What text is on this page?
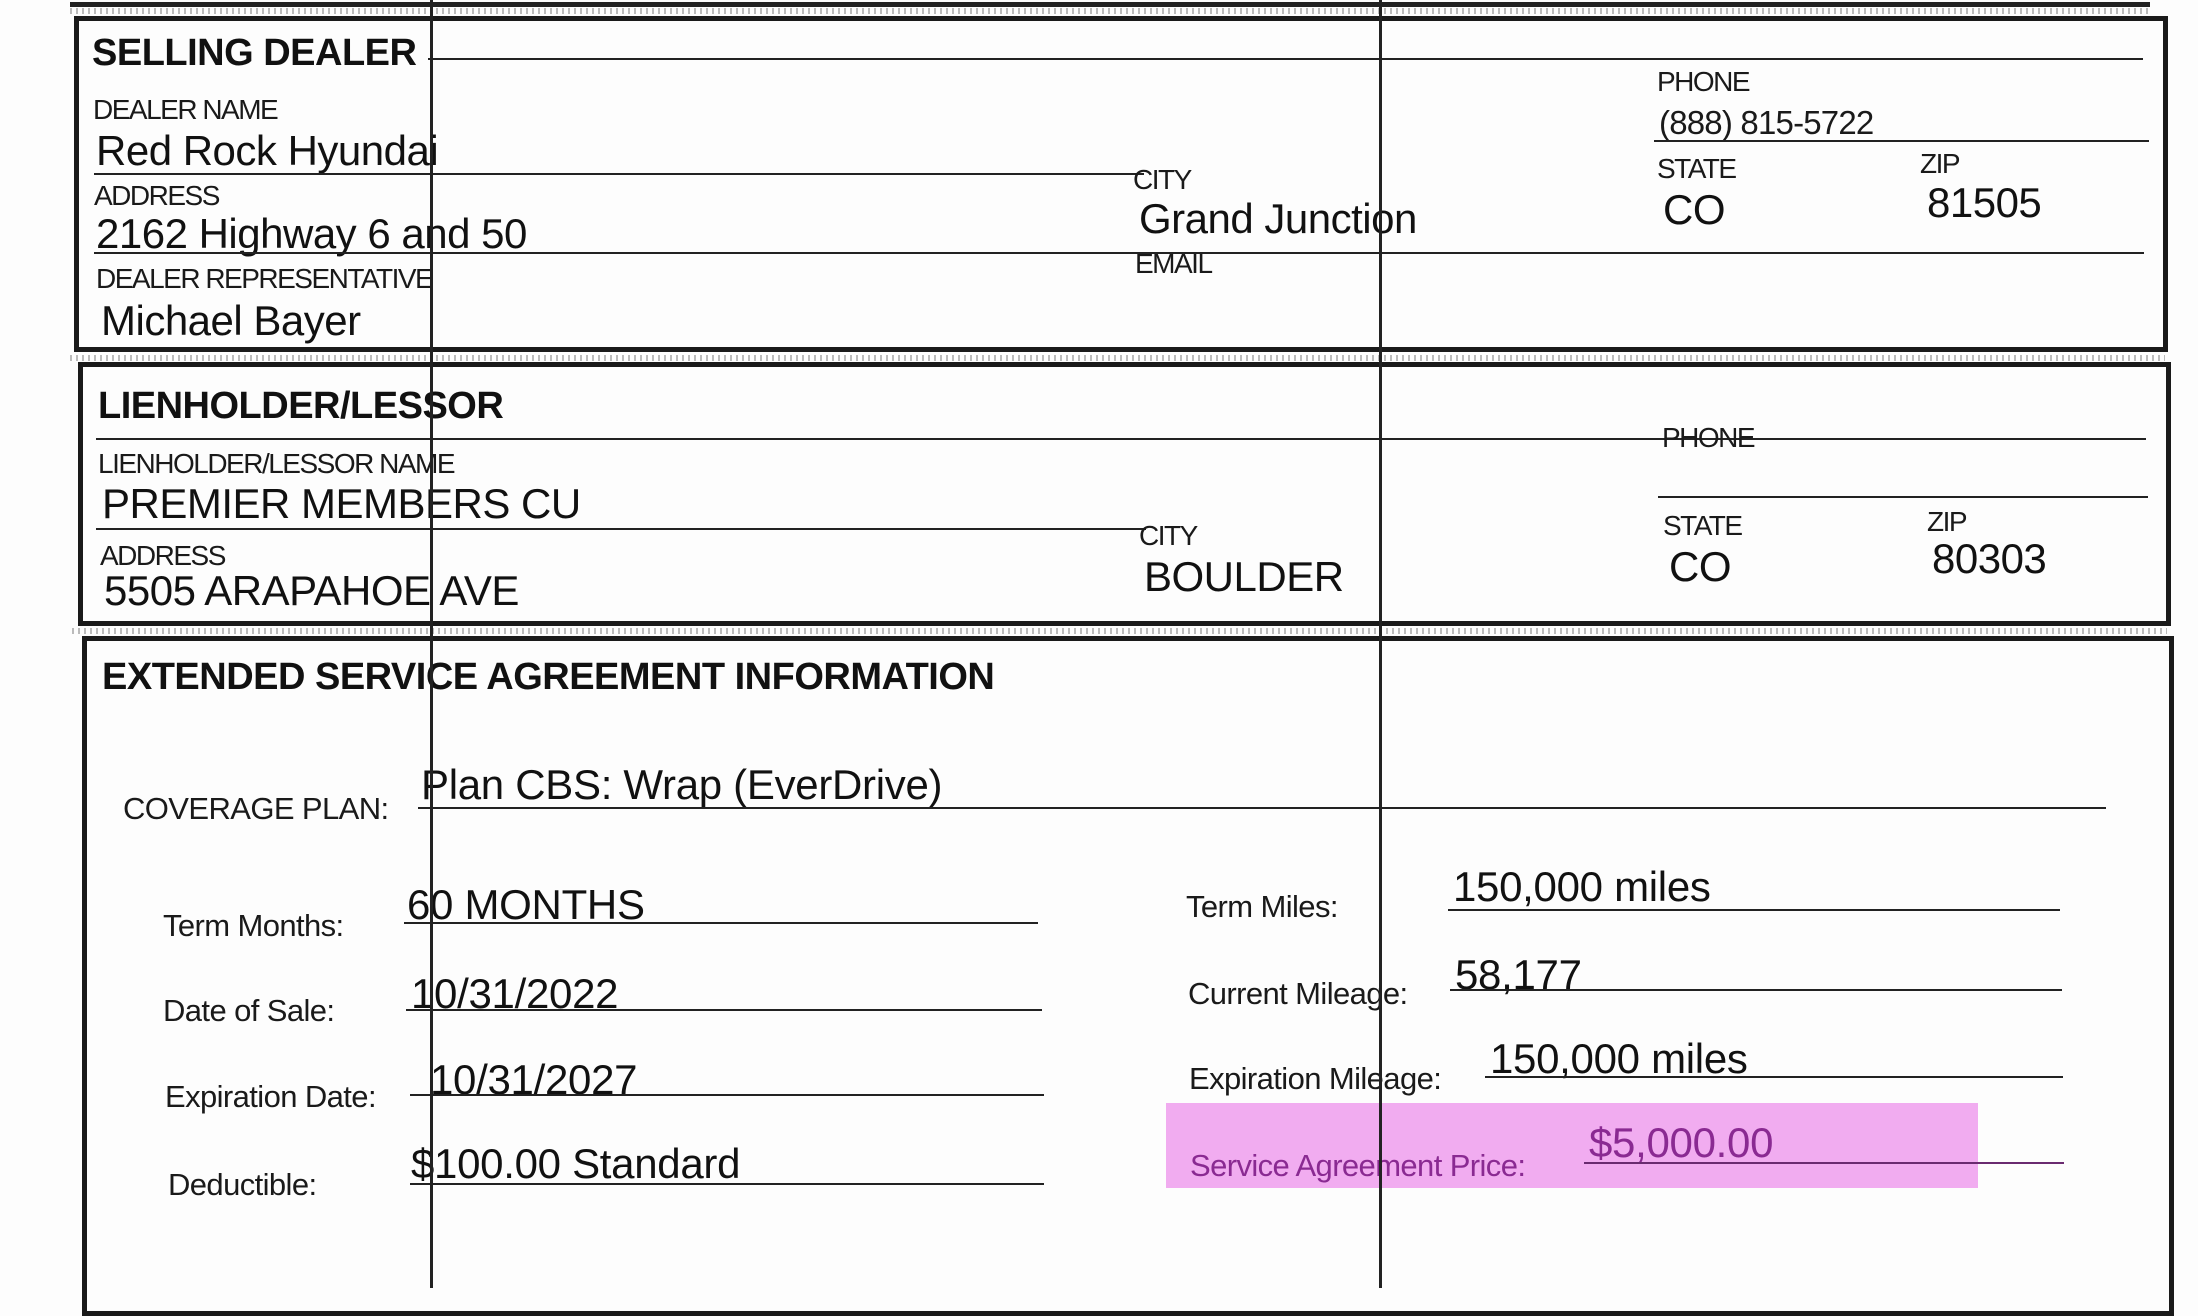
SELLING DEALER
DEALER NAME
Red Rock Hyundai
PHONE
(888) 815-5722
ADDRESS
2162 Highway 6 and 50
CITY
Grand Junction
STATE
CO
ZIP
81505
DEALER REPRESENTATIVE
Michael Bayer
EMAIL
LIENHOLDER/LESSOR
LIENHOLDER/LESSOR NAME
PREMIER MEMBERS CU
PHONE
ADDRESS
5505 ARAPAHOE AVE
CITY
BOULDER
STATE
CO
ZIP
80303
EXTENDED SERVICE AGREEMENT INFORMATION
COVERAGE PLAN:
Plan CBS: Wrap (EverDrive)
Term Months: 60 MONTHS
Date of Sale: 10/31/2022
Expiration Date: 10/31/2027
Deductible: $100.00 Standard
Term Miles:	150,000 miles
Current Mileage: 58,177
Expiration Mileage: 150,000 miles
Service Agreement Price: $5,000.00
